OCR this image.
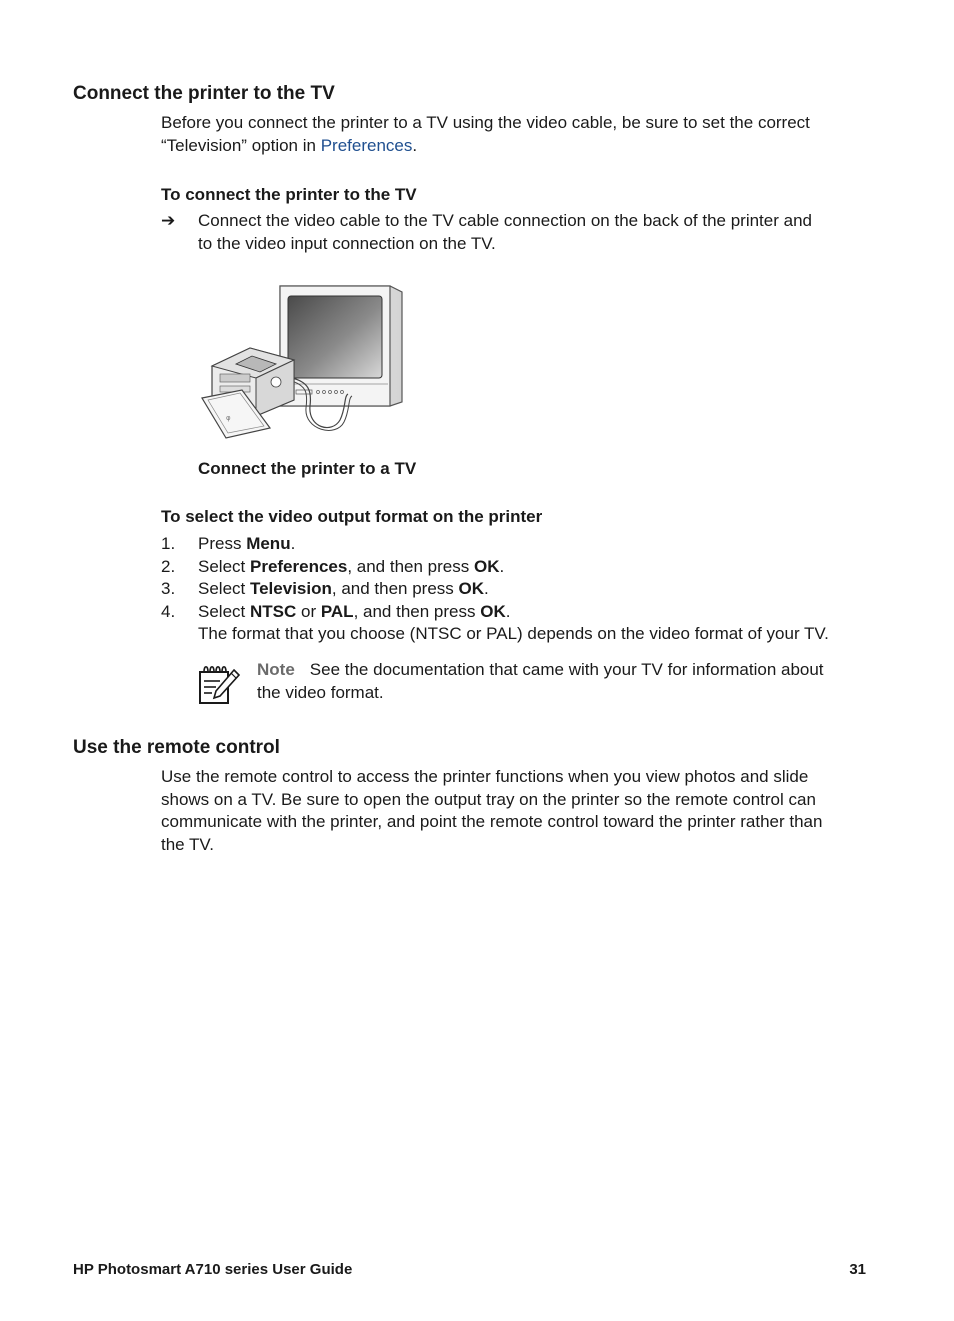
Connect the printer to the TV
Before you connect the printer to a TV using the video cable, be sure to set the correct
“Television” option in Preferences.
To connect the printer to the TV
➔ Connect the video cable to the TV cable connection on the back of the printer and
to the video input connection on the TV.
φ
Connect the printer to a TV
To select the video output format on the printer
1. Press Menu.
2. Select Preferences, and then press OK.
3. Select Television, and then press OK.
4. Select NTSC or PAL, and then press OK.
The format that you choose (NTSC or PAL) depends on the video format of your TV.
Note See the documentation that came with your TV for information about
the video format.
Use the remote control
Use the remote control to access the printer functions when you view photos and slide
shows on a TV. Be sure to open the output tray on the printer so the remote control can
communicate with the printer, and point the remote control toward the printer rather than
the TV.
HP Photosmart A710 series User Guide	31
